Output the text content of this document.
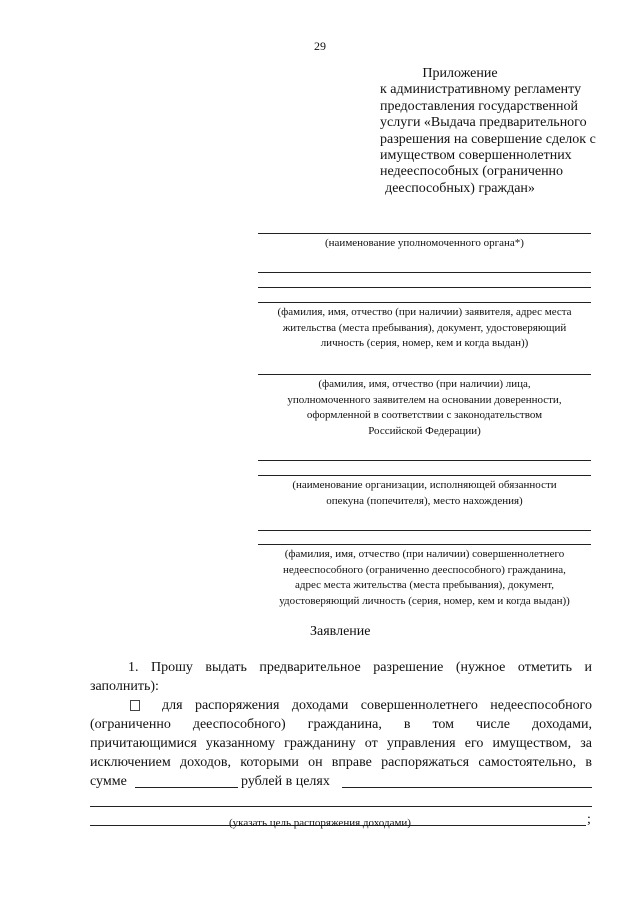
29
Приложение
к административному регламенту
предоставления государственной
услуги «Выдача предварительного
разрешения на совершение сделок с
имуществом совершеннолетних
недееспособных (ограниченно
дееспособных) граждан»
(наименование уполномоченного органа*)
(фамилия, имя, отчество (при наличии) заявителя, адрес места
жительства (места пребывания), документ, удостоверяющий
личность (серия, номер, кем и когда выдан))
(фамилия, имя, отчество (при наличии) лица,
уполномоченного заявителем на основании доверенности,
оформленной в соответствии с законодательством
Российской Федерации)
(наименование организации, исполняющей обязанности
опекуна (попечителя), место нахождения)
(фамилия, имя, отчество (при наличии) совершеннолетнего
недееспособного (ограниченно дееспособного) гражданина,
адрес места жительства (места пребывания), документ,
удостоверяющий личность (серия, номер, кем и когда выдан))
Заявление
1. Прошу выдать предварительное разрешение (нужное отметить и
заполнить):
для распоряжения доходами совершеннолетнего недееспособного
(ограниченно дееспособного) гражданина, в том числе доходами,
причитающимися указанному гражданину от управления его имуществом, за
исключением доходов, которыми он вправе распоряжаться самостоятельно, в
сумме	рублей в целях
;
(указать цель распоряжения доходами)
